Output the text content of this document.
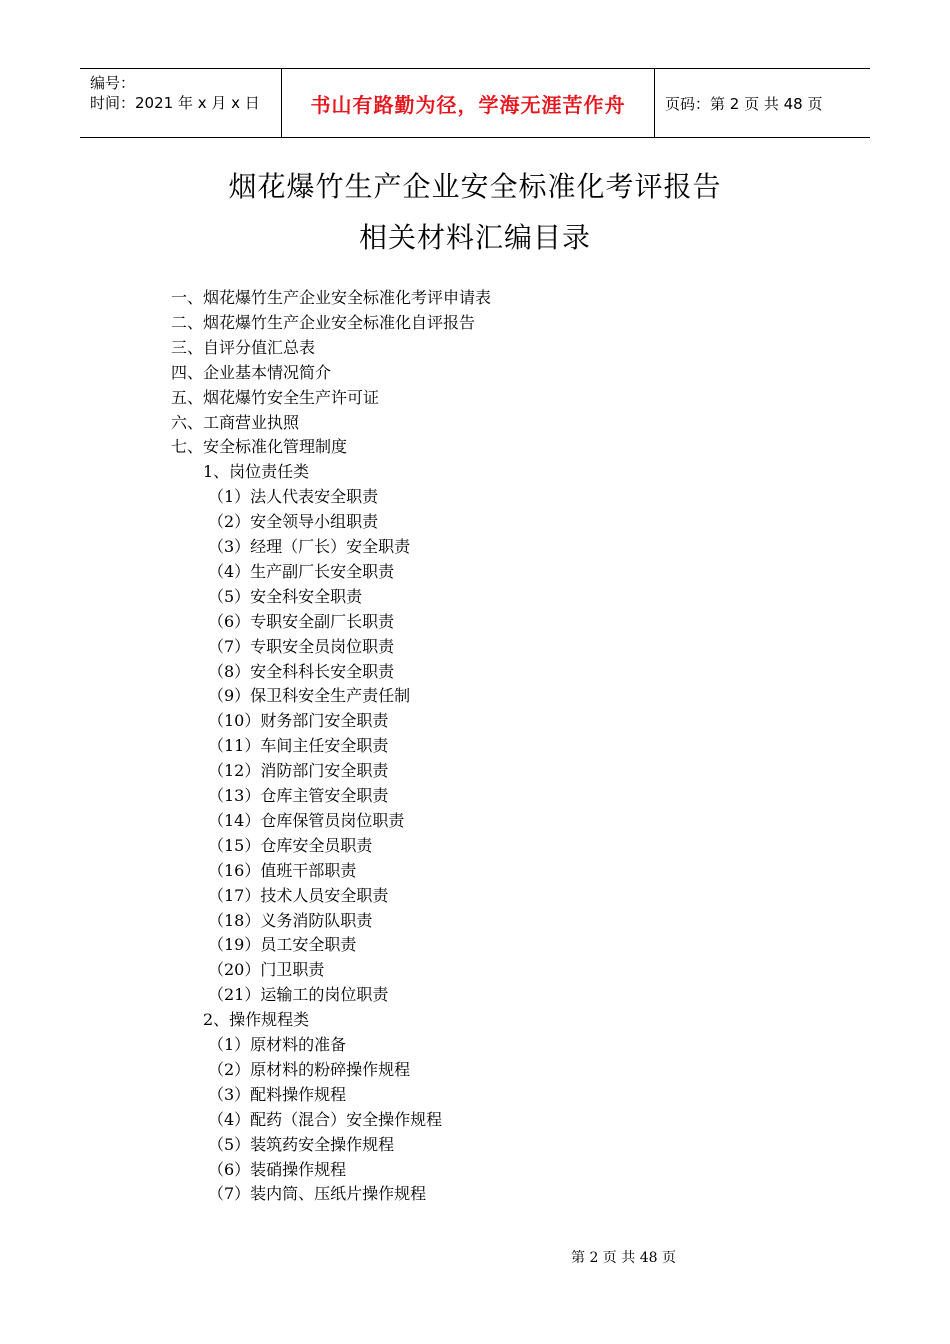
编号：
时间：2021 年 x 月 x 日	书山有路勤为径，学海无涯苦作舟	页码：第 2 页 共 48 页
烟花爆竹生产企业安全标准化考评报告
相关材料汇编目录
一、烟花爆竹生产企业安全标准化考评申请表
二、烟花爆竹生产企业安全标准化自评报告
三、自评分值汇总表
四、企业基本情况简介
五、烟花爆竹安全生产许可证
六、工商营业执照
七、安全标准化管理制度
1、岗位责任类
（1）法人代表安全职责
（2）安全领导小组职责
（3）经理（厂长）安全职责
（4）生产副厂长安全职责
（5）安全科安全职责
（6）专职安全副厂长职责
（7）专职安全员岗位职责
（8）安全科科长安全职责
（9）保卫科安全生产责任制
（10）财务部门安全职责
（11）车间主任安全职责
（12）消防部门安全职责
（13）仓库主管安全职责
（14）仓库保管员岗位职责
（15）仓库安全员职责
（16）值班干部职责
（17）技术人员安全职责
（18）义务消防队职责
（19）员工安全职责
（20）门卫职责
（21）运输工的岗位职责
2、操作规程类
（1）原材料的准备
（2）原材料的粉碎操作规程
（3）配料操作规程
（4）配药（混合）安全操作规程
（5）装筑药安全操作规程
（6）装硝操作规程
（7）装内筒、压纸片操作规程
第 2 页 共 48 页
